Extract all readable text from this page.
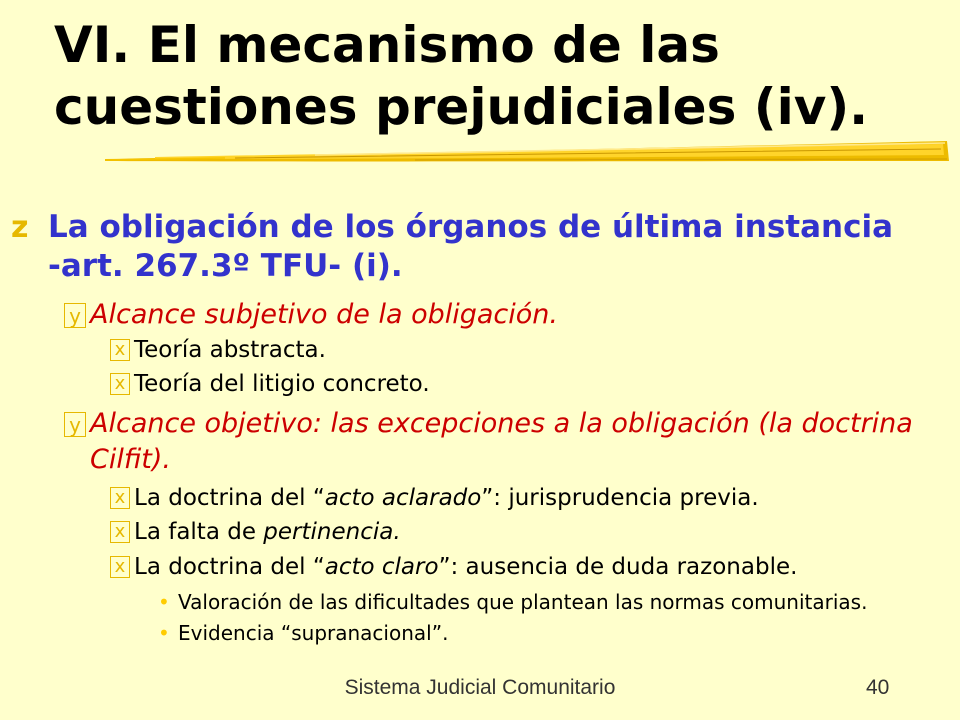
VI. El mecanismo de las cuestiones prejudiciales (iv).
z La obligación de los órganos de última instancia -art. 267.3º TFU- (i).
y Alcance subjetivo de la obligación.
x Teoría abstracta.
x Teoría del litigio concreto.
y Alcance objetivo: las excepciones a la obligación (la doctrina Cilfit).
x La doctrina del “acto aclarado”: jurisprudencia previa.
x La falta de pertinencia.
x La doctrina del “acto claro”: ausencia de duda razonable.
• Valoración de las dificultades que plantean las normas comunitarias.
• Evidencia “supranacional”.
Sistema Judicial Comunitario	40
